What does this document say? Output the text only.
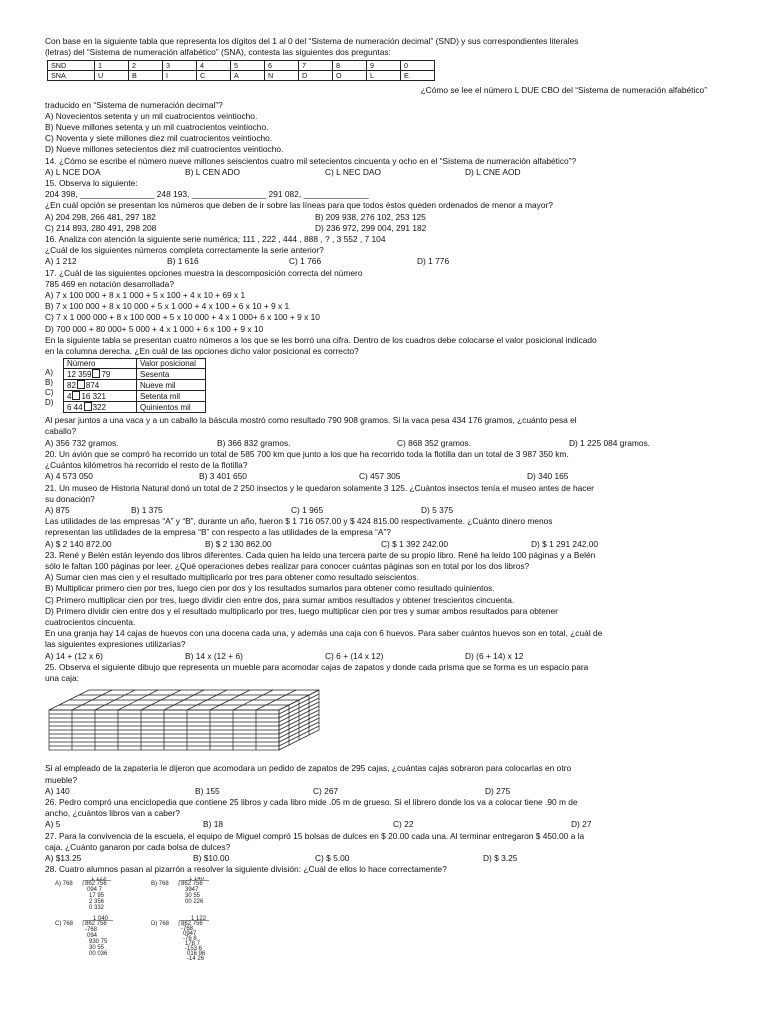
Con base en la siguiente tabla que representa los dígitos del 1 al 0 del “Sistema de numeración decimal” (SND) y sus correspondientes literales
(letras) del “Sistema de numeración alfabético” (SNA), contesta las siguientes dos preguntas:
SND	1	2	3	4	5	6	7	8	9	0
SNA	U	B	I	C	A	N	D	O	L	E
¿Cómo se lee el número L DUE CBO del “Sistema de numeración alfabético”
traducido en “Sistema de numeración decimal”?
A) Novecientos setenta y un mil cuatrocientos veintiocho.
B) Nueve millones setenta y un mil cuatrocientos veintiocho.
C) Noventa y siete millones diez mil cuatrocientos veintiocho.
D) Nueve millones setecientos diez mil cuatrocientos veintiocho.
14. ¿Cómo se escribe el número nueve millones seiscientos cuatro mil setecientos cincuenta y ocho en el “Sistema de numeración alfabético”?
A) L NCE DOA	B) L CEN ADO	C) L NEC DAO	D) L CNE AOD
15. Observa lo siguiente:
204 398, ________________ 248 193, ________________ 291 082, ______________
¿En cuál opción se presentan los números que deben de ir sobre las líneas para que todos éstos queden ordenados de menor a mayor?
A) 204 298, 266 481, 297 182	B) 209 938, 276 102, 253 125
C) 214 893, 280 491, 298 208	D) 236 972, 299 004, 291 182
16. Analiza con atención la siguiente serie numérica; 111 , 222 , 444 , 888 , ? , 3 552 , 7 104
¿Cuál de los siguientes números completa correctamente la serie anterior?
A) 1 212	B) 1 616	C) 1 766	D) 1 776
17. ¿Cuál de las siguientes opciones muestra la descomposición correcta del número
785 469 en notación desarrollada?
A) 7 x 100 000 + 8 x 1 000 + 5 x 100 + 4 x 10 + 69 x 1
B) 7 x 100 000 + 8 x 10 000 + 5 x 1 000 + 4 x 100 + 6 x 10 + 9 x 1
C) 7 x 1 000 000 + 8 x 100 000 + 5 x 10 000 + 4 x 1 000+ 6 x 100 + 9 x 10
D) 700 000 + 80 000+ 5 000 + 4 x 1 000 + 6 x 100 + 9 x 10
En la siguiente tabla se presentan cuatro números a los que se les borró una cifra. Dentro de los cuadros debe colocarse el valor posicional indicado
en la columna derecha. ¿En cuál de las opciones dicho valor posicional es correcto?
A)
B)
C)
D)
Número	Valor posicional
12 359 79	Sesenta
82 874	Nueve mil
4 16 321	Setenta mil
6 44 322	Quinientos mil
Al pesar juntos a una vaca y a un caballo la báscula mostró como resultado 790 908 gramos. Si la vaca pesa 434 176 gramos, ¿cuánto pesa el
caballo?
A) 356 732 gramos.	B) 366 832 gramos.	C) 868 352 gramos.	D) 1 225 084 gramos.
20. Un avión que se compró ha recorrido un total de 585 700 km que junto a los que ha recorrido toda la flotilla dan un total de 3 987 350 km.
¿Cuántos kilómetros ha recorrido el resto de la flotilla?
A) 4 573 050	B) 3 401 650	C) 457 305	D) 340 165
21. Un museo de Historia Natural donó un total de 2 250 insectos y le quedaron solamente 3 125. ¿Cuántos insectos tenía el museo antes de hacer
su donación?
A) 875	B) 1 375	C) 1 965	D) 5 375
Las utilidades de las empresas “A” y “B”, durante un año, fueron $ 1 716 057.00 y $ 424 815.00 respectivamente. ¿Cuánto dinero menos
representan las utilidades de la empresa “B” con respecto a las utilidades de la empresa “A”?
A) $ 2 140 872.00	B) $ 2 130 862.00	C) $ 1 392 242.00	D) $ 1 291 242.00
23. René y Belén están leyendo dos libros diferentes. Cada quien ha leído una tercera parte de su propio libro. René ha leído 100 páginas y a Belén
sólo le faltan 100 páginas por leer. ¿Qué operaciones debes realizar para conocer cuántas páginas son en total por los dos libros?
A) Sumar cien mas cien y el resultado multiplicarlo por tres para obtener como resultado seiscientos.
B) Multiplicar primero cien por tres, luego cien por dos y los resultados sumarlos para obtener como resultado quinientos.
C) Primero multiplicar cien por tres, luego dividir cien entre dos, para sumar ambos resultados y obtener trescientos cincuenta.
D) Primero dividir cien entre dos y el resultado multiplicarlo por tres, luego multiplicar cien por tres y sumar ambos resultados para obtener
cuatrocientos cincuenta.
En una granja hay 14 cajas de huevos con una docena cada una, y además una caja con 6 huevos. Para saber cuántos huevos son en total, ¿cuál de
las siguientes expresiones utilizarías?
A) 14 + (12 x 6)	B) 14 x (12 + 6)	C) 6 + (14 x 12)	D) (6 + 14) x 12
25. Observa el siguiente dibujo que representa un mueble para acomodar cajas de zapatos y donde cada prisma que se forma es un espacio para
una caja:
Si al empleado de la zapatería le dijeron que acomodara un pedido de zapatos de 295 cajas, ¿cuántas cajas sobraron para colocarlas en otro
mueble?
A) 140	B) 155	C) 267	D) 275
26. Pedro compró una enciclopedia que contiene 25 libros y cada libro mide .05 m de grueso. Si el librero donde los va a colocar tiene .90 m de
ancho, ¿cuántos libros van a caber?
A) 5	B) 18	C) 22	D) 27
27. Para la convivencia de la escuela, el equipo de Miguel compró 15 bolsas de dulces en $ 20.00 cada una. Al terminar entregaron $ 450.00 a la
caja. ¿Cuánto ganaron por cada bolsa de dulces?
A) $13.25	B) $10.00	C) $ 5.00	D) $ 3.25
28. Cuatro alumnos pasan al pizarrón a resolver la siguiente división: ¿Cuál de ellos lo hace correctamente?
A) 768
1 123
862 756
094 7
17 95
2 356
0 332
B) 768
1 140
862 756
3947
30 55
00 226
C) 768
1 040
862 756
-768
094
930 75
30 55
00 036
D) 768
1 122
862 756
-768
0947
-76 8
178 7
-153 6
016 96
-14 26
